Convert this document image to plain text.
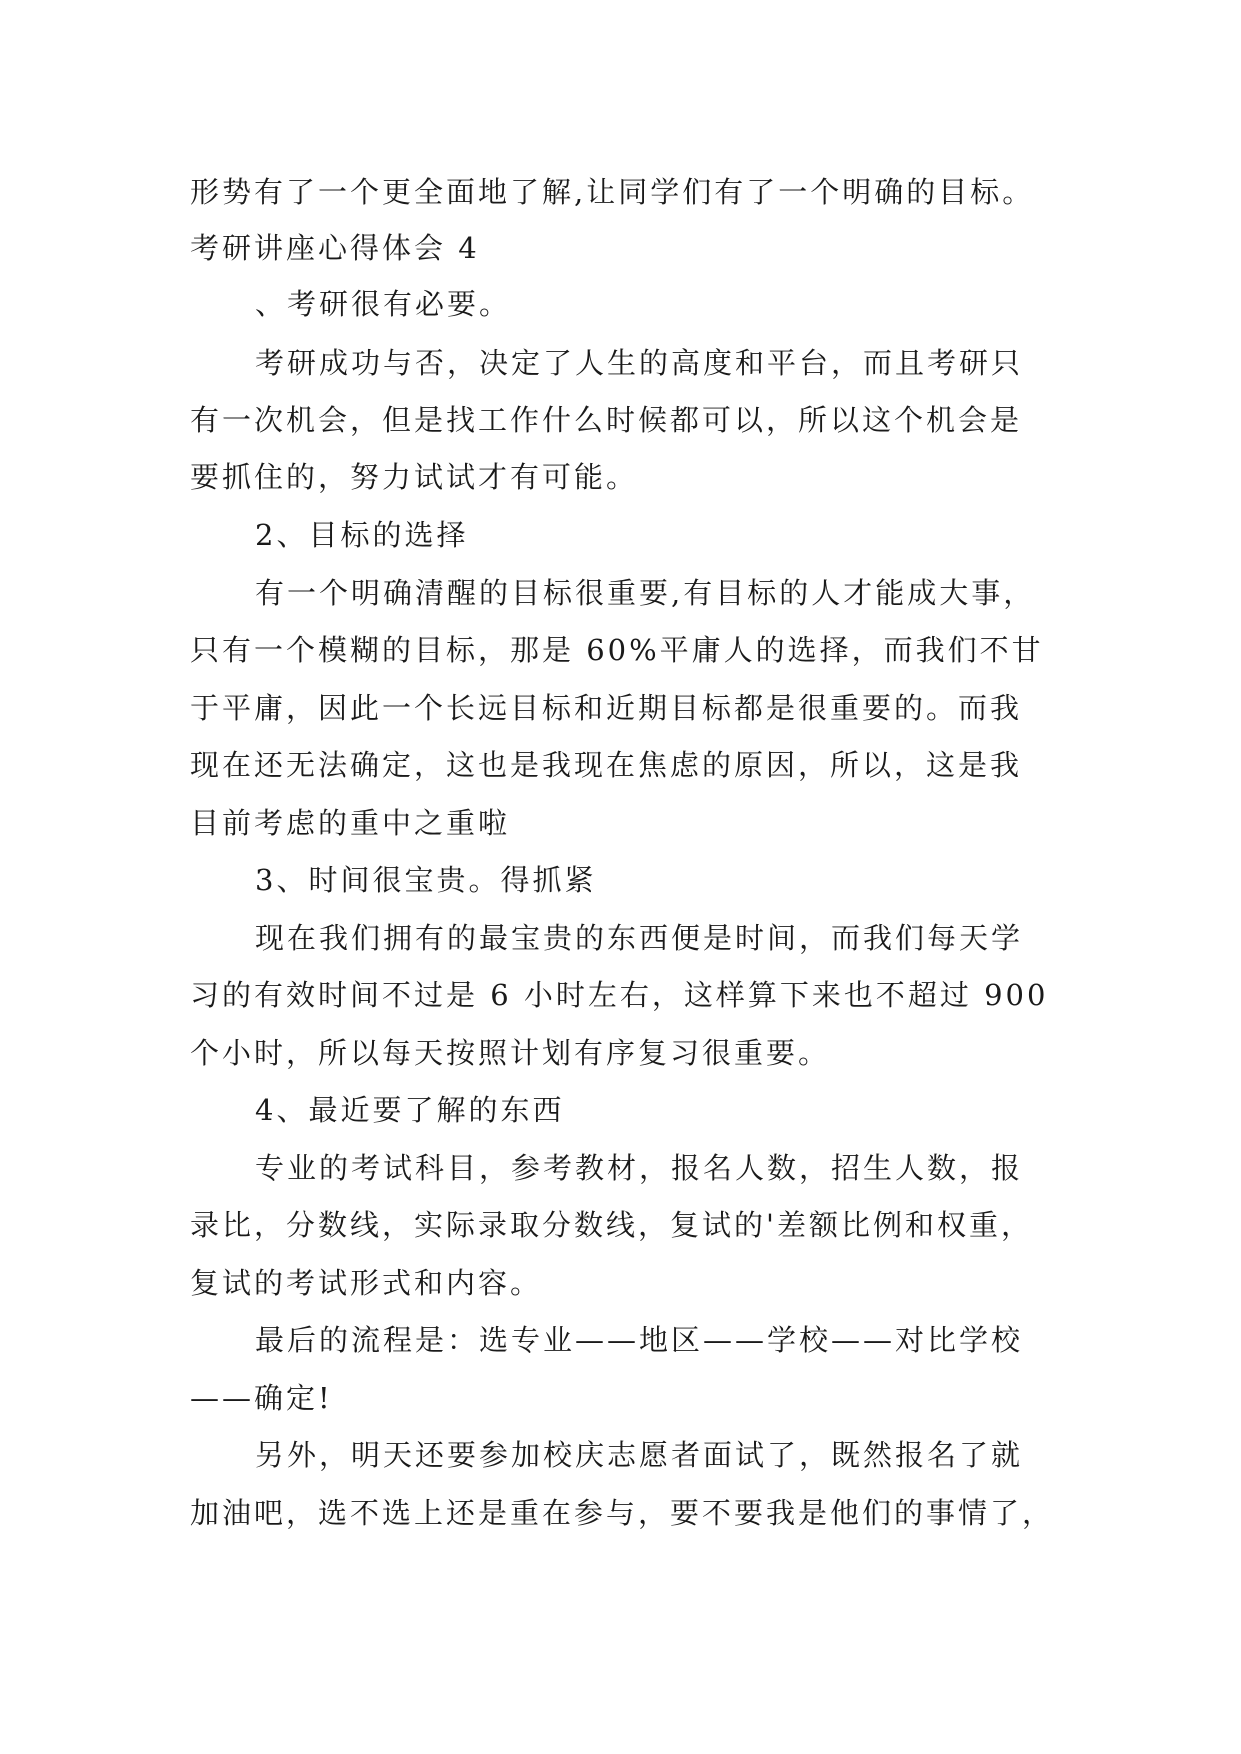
形势有了一个更全面地了解,让同学们有了一个明确的目标。
考研讲座心得体会 4
、考研很有必要。
考研成功与否，决定了人生的高度和平台，而且考研只
有一次机会，但是找工作什么时候都可以，所以这个机会是
要抓住的，努力试试才有可能。
2、目标的选择
有一个明确清醒的目标很重要,有目标的人才能成大事，
只有一个模糊的目标，那是 60%平庸人的选择，而我们不甘
于平庸，因此一个长远目标和近期目标都是很重要的。而我
现在还无法确定，这也是我现在焦虑的原因，所以，这是我
目前考虑的重中之重啦
3、时间很宝贵。得抓紧
现在我们拥有的最宝贵的东西便是时间，而我们每天学
习的有效时间不过是 6 小时左右，这样算下来也不超过 900
个小时，所以每天按照计划有序复习很重要。
4、最近要了解的东西
专业的考试科目，参考教材，报名人数，招生人数，报
录比，分数线，实际录取分数线，复试的'差额比例和权重，
复试的考试形式和内容。
最后的流程是：选专业——地区——学校——对比学校
——确定!
另外，明天还要参加校庆志愿者面试了，既然报名了就
加油吧，选不选上还是重在参与，要不要我是他们的事情了，
